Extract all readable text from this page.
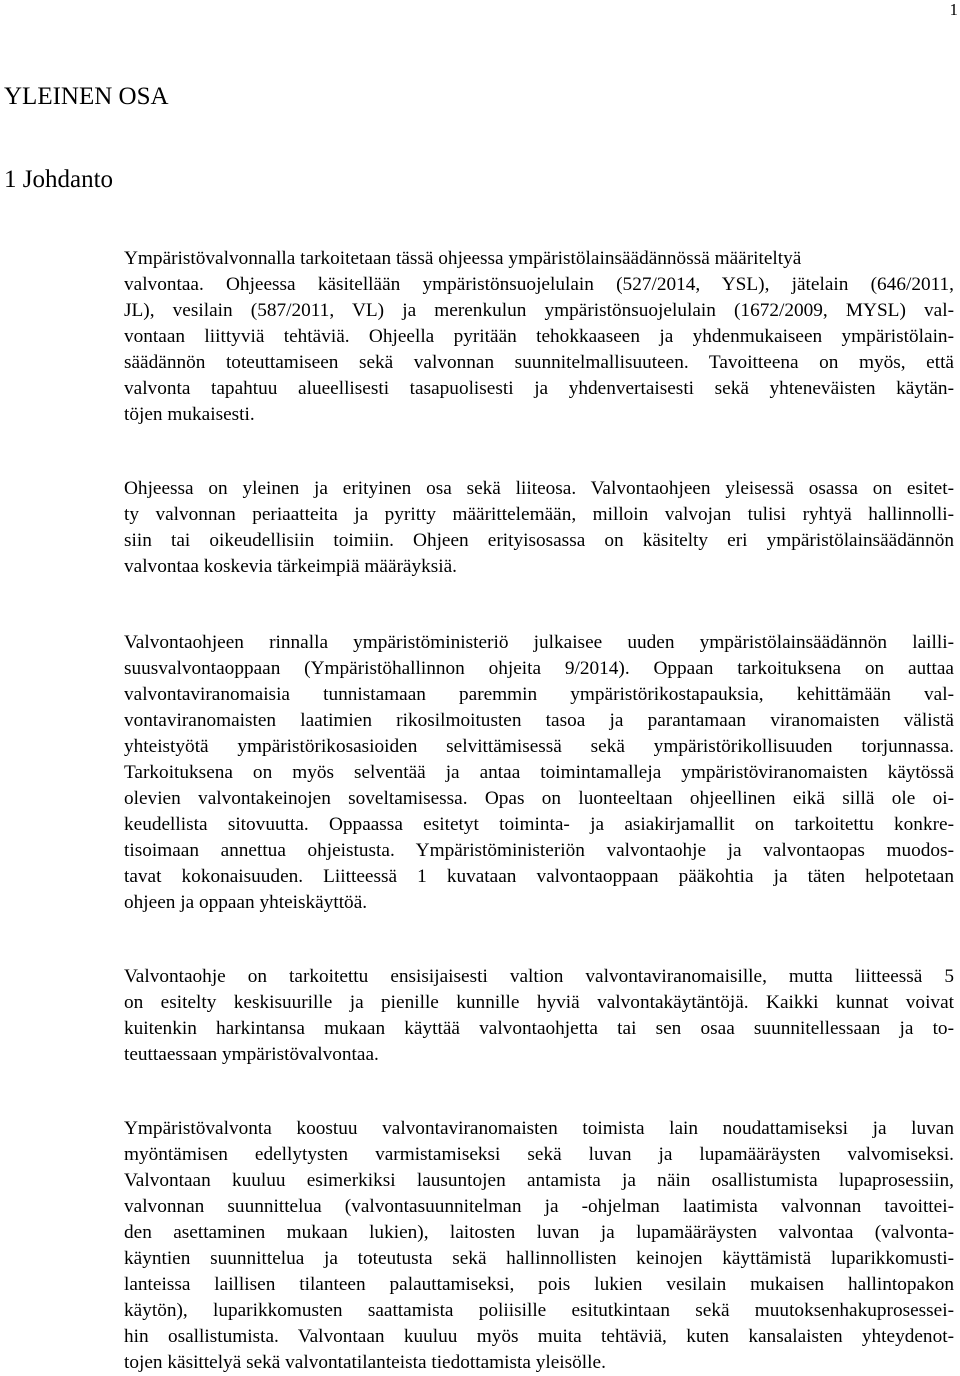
1
YLEINEN OSA
1 Johdanto
Ympäristövalvonnalla tarkoitetaan tässä ohjeessa ympäristölainsäädännössä määriteltyä
valvontaa. Ohjeessa käsitellään ympäristönsuojelulain (527/2014, YSL), jätelain (646/2011,
JL), vesilain (587/2011, VL) ja merenkulun ympäristönsuojelulain (1672/2009, MYSL) val-
vontaan liittyviä tehtäviä. Ohjeella pyritään tehokkaaseen ja yhdenmukaiseen ympäristölain-
säädännön toteuttamiseen sekä valvonnan suunnitelmallisuuteen. Tavoitteena on myös, että
valvonta tapahtuu alueellisesti tasapuolisesti ja yhdenvertaisesti sekä yhteneväisten käytän-
töjen mukaisesti.
Ohjeessa on yleinen ja erityinen osa sekä liiteosa. Valvontaohjeen yleisessä osassa on esitet-
ty valvonnan periaatteita ja pyritty määrittelemään, milloin valvojan tulisi ryhtyä hallinnolli-
siin tai oikeudellisiin toimiin. Ohjeen erityisosassa on käsitelty eri ympäristölainsäädännön
valvontaa koskevia tärkeimpiä määräyksiä.
Valvontaohjeen rinnalla ympäristöministeriö julkaisee uuden ympäristölainsäädännön lailli-
suusvalvontaoppaan (Ympäristöhallinnon ohjeita 9/2014). Oppaan tarkoituksena on auttaa
valvontaviranomaisia tunnistamaan paremmin ympäristörikostapauksia, kehittämään val-
vontaviranomaisten laatimien rikosilmoitusten tasoa ja parantamaan viranomaisten välistä
yhteistyötä ympäristörikosasioiden selvittämisessä sekä ympäristörikollisuuden torjunnassa.
Tarkoituksena on myös selventää ja antaa toimintamalleja ympäristöviranomaisten käytössä
olevien valvontakeinojen soveltamisessa. Opas on luonteeltaan ohjeellinen eikä sillä ole oi-
keudellista sitovuutta. Oppaassa esitetyt toiminta- ja asiakirjamallit on tarkoitettu konkre-
tisoimaan annettua ohjeistusta. Ympäristöministeriön valvontaohje ja valvontaopas muodos-
tavat kokonaisuuden. Liitteessä 1 kuvataan valvontaoppaan pääkohtia ja täten helpotetaan
ohjeen ja oppaan yhteiskäyttöä.
Valvontaohje on tarkoitettu ensisijaisesti valtion valvontaviranomaisille, mutta liitteessä 5
on esitelty keskisuurille ja pienille kunnille hyviä valvontakäytäntöjä. Kaikki kunnat voivat
kuitenkin harkintansa mukaan käyttää valvontaohjetta tai sen osaa suunnitellessaan ja to-
teuttaessaan ympäristövalvontaa.
Ympäristövalvonta koostuu valvontaviranomaisten toimista lain noudattamiseksi ja luvan
myöntämisen edellytysten varmistamiseksi sekä luvan ja lupamääräysten valvomiseksi.
Valvontaan kuuluu esimerkiksi lausuntojen antamista ja näin osallistumista lupaprosessiin,
valvonnan suunnittelua (valvontasuunnitelman ja -ohjelman laatimista valvonnan tavoittei-
den asettaminen mukaan lukien), laitosten luvan ja lupamääräysten valvontaa (valvonta-
käyntien suunnittelua ja toteutusta sekä hallinnollisten keinojen käyttämistä luparikkomusti-
lanteissa laillisen tilanteen palauttamiseksi, pois lukien vesilain mukaisen hallintopakon
käytön), luparikkomusten saattamista poliisille esitutkintaan sekä muutoksenhakuprosessei-
hin osallistumista. Valvontaan kuuluu myös muita tehtäviä, kuten kansalaisten yhteydenot-
tojen käsittelyä sekä valvontatilanteista tiedottamista yleisölle.
